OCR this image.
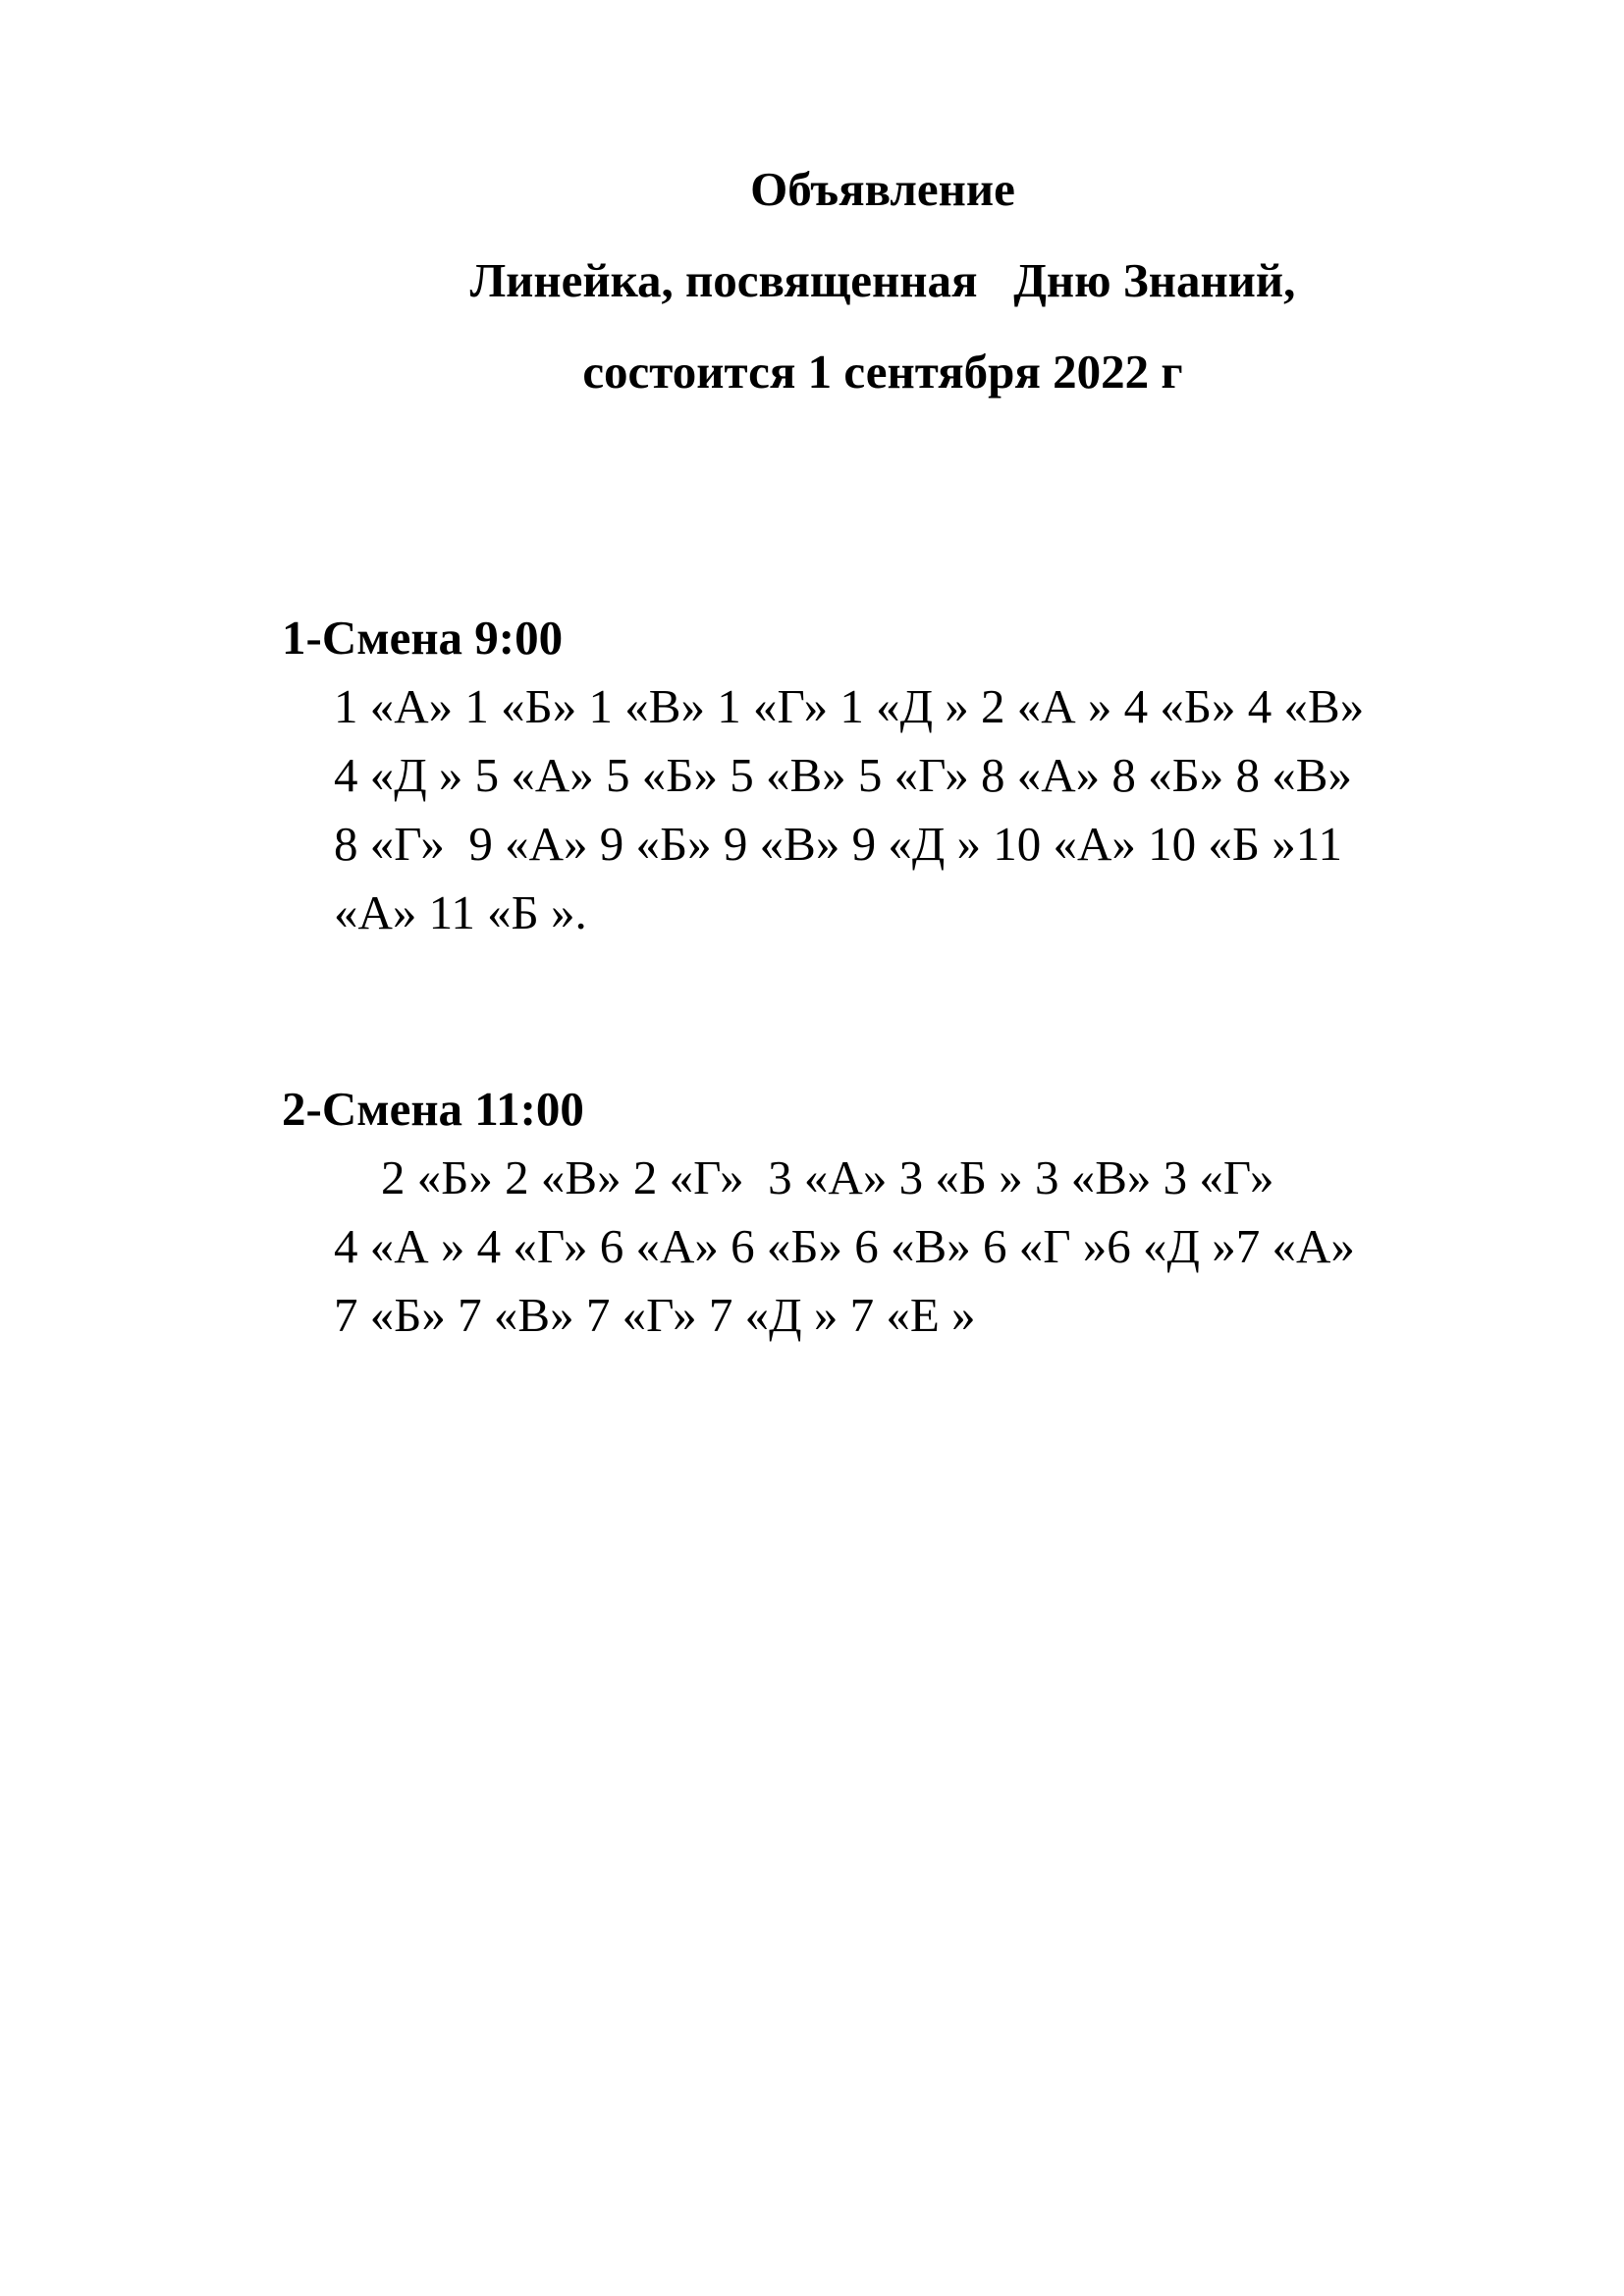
Объявление
Линейка, посвященная   Дню Знаний,
состоится 1 сентября 2022 г
1-Смена 9:00
1 «А» 1 «Б» 1 «В» 1 «Г» 1 «Д » 2 «А » 4 «Б» 4 «В»
4 «Д » 5 «А» 5 «Б» 5 «В» 5 «Г» 8 «А» 8 «Б» 8 «В»
8 «Г»  9 «А» 9 «Б» 9 «В» 9 «Д » 10 «А» 10 «Б »11
«А» 11 «Б ».
2-Смена 11:00
2 «Б» 2 «В» 2 «Г»  3 «А» 3 «Б » 3 «В» 3 «Г»
4 «А » 4 «Г» 6 «А» 6 «Б» 6 «В» 6 «Г »6 «Д »7 «А»
7 «Б» 7 «В» 7 «Г» 7 «Д » 7 «Е »
